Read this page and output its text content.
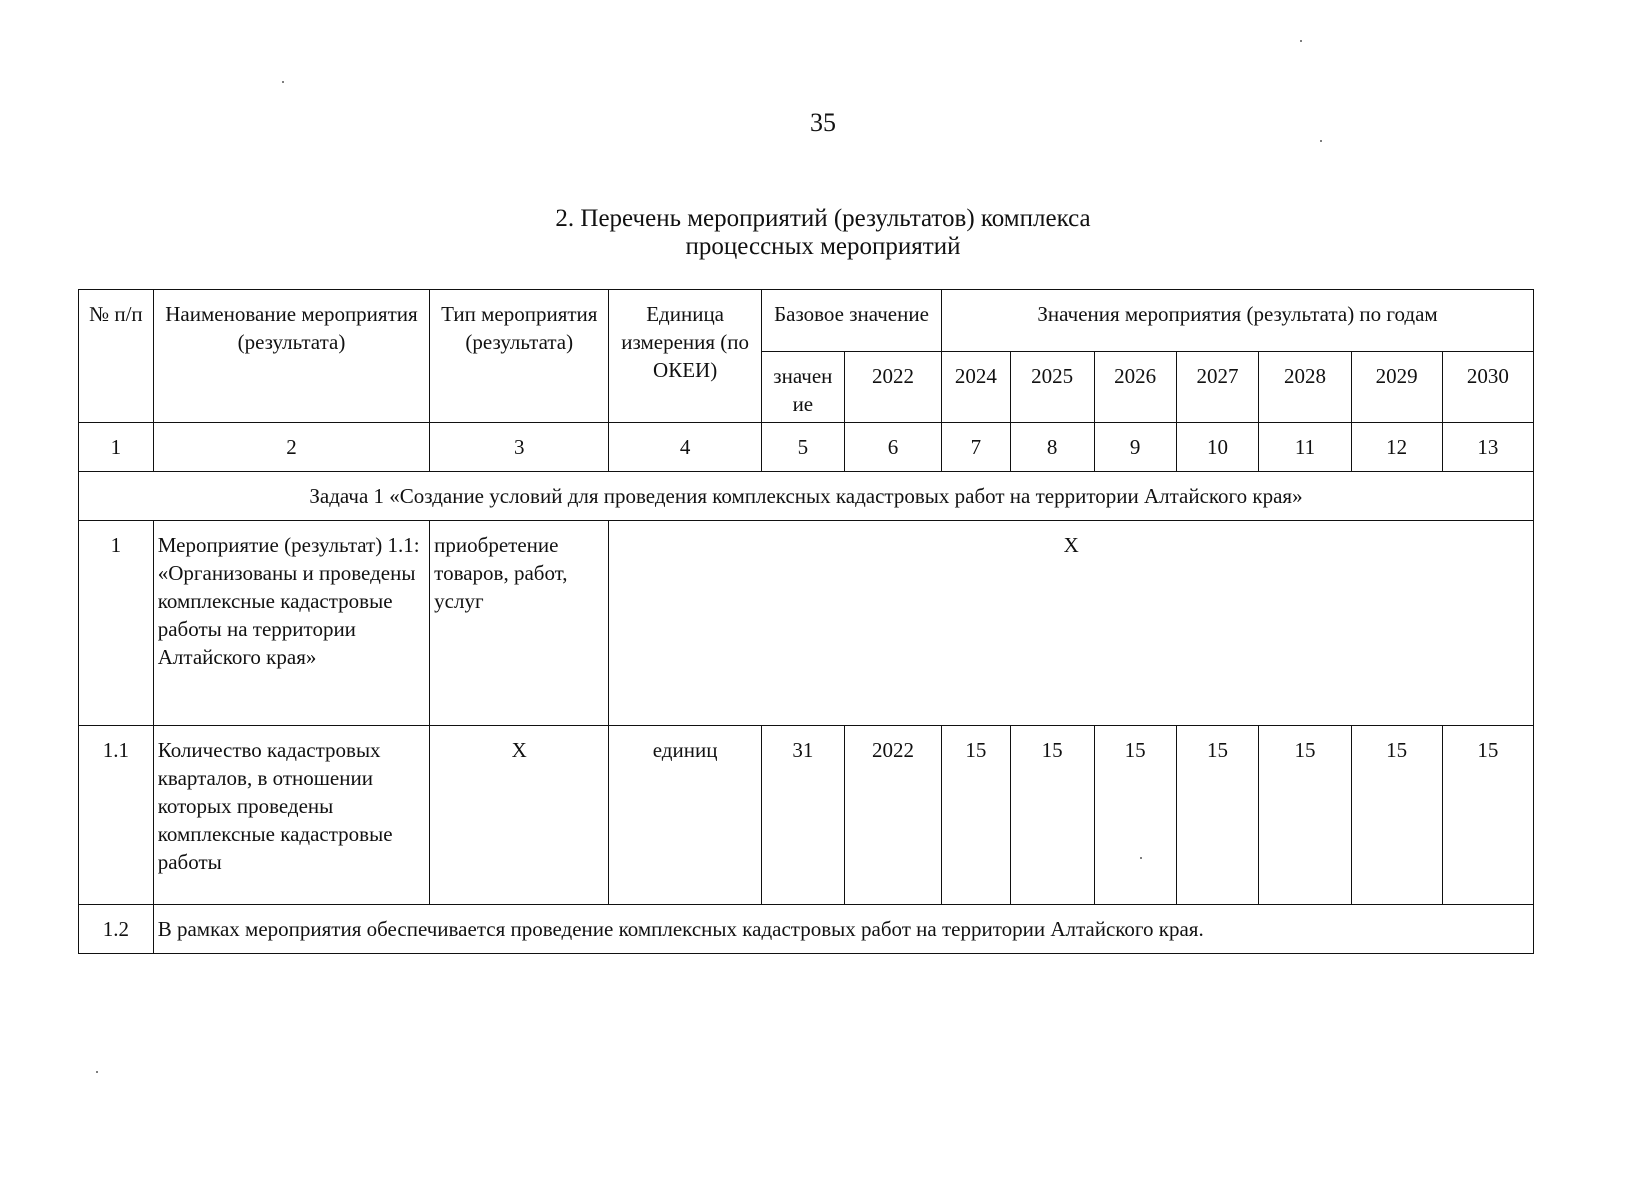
35
2. Перечень мероприятий (результатов) комплекса
процессных мероприятий
№ п/п	Наименование мероприятия (результата)	Тип мероприятия (результата)	Единица измерения (по ОКЕИ)	Базовое значение		Значения мероприятия (результата) по годам						
				значен ие	2022	2024	2025	2026	2027	2028	2029	2030
1	2	3	4	5	6	7	8	9	10	11	12	13
Задача 1 «Создание условий для проведения комплексных кадастровых работ на территории Алтайского края»												
1	Мероприятие (результат) 1.1: «Организованы и проведены комплексные кадастровые работы на территории Алтайского края»	приобретение товаров, работ, услуг	Х									
1.1	Количество кадастровых кварталов, в отношении которых проведены комплексные кадастровые работы	Х	единиц	31	2022	15	15	15	15	15	15	15
1.2	В рамках мероприятия обеспечивается проведение комплексных кадастровых работ на территории Алтайского края.											
